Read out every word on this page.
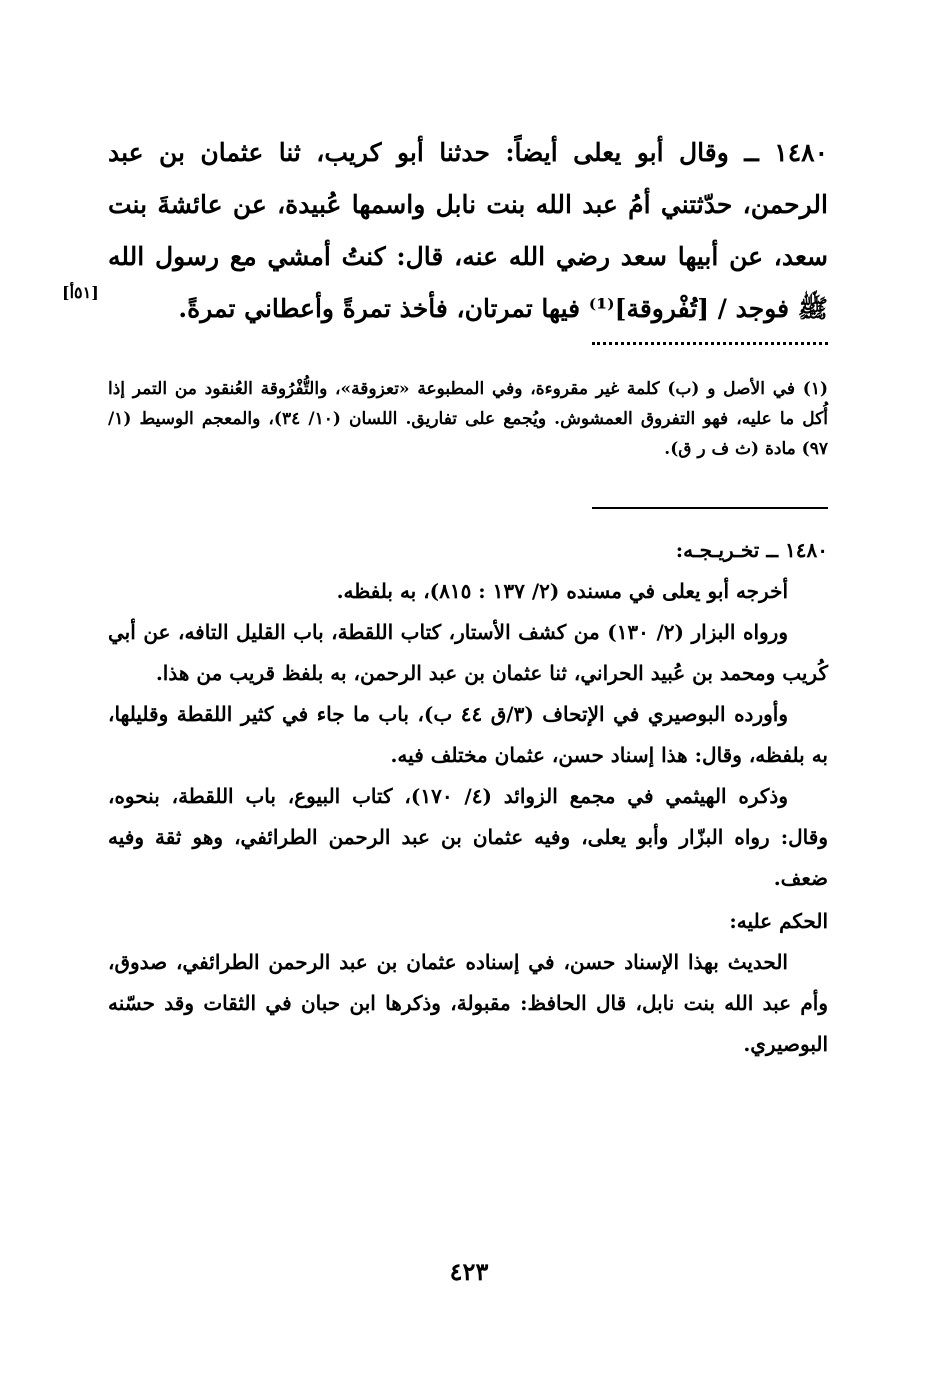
١٤٨٠ ــ وقال أبو يعلى أيضاً: حدثنا أبو كريب، ثنا عثمان بن عبد الرحمن، حدّثتني أمُ عبد الله بنت نابل واسمها عُبيدة، عن عائشةَ بنت سعد، عن أبيها سعد رضي الله عنه، قال: كنتُ أمشي مع رسول الله ﷺ فوجد / [تُفْروقة]⁽¹⁾ فيها تمرتان، فأخذ تمرةً وأعطاني تمرةً.

[٥١أ]

(١) في الأصل و (ب) كلمة غير مقروءة، وفي المطبوعة «تعزوقة»، والتُّفْرُوقة العُنقود من التمر إذا أُكل ما عليه، فهو التفروق العمشوش. ويُجمع على تفاريق. اللسان (١٠/ ٣٤)، والمعجم الوسيط (١/ ٩٧) مادة (ث ف ر ق).

١٤٨٠ ــ تخـريـجـه:

أخرجه أبو يعلى في مسنده (٢/ ١٣٧ : ٨١٥)، به بلفظه.

ورواه البزار (٢/ ١٣٠) من كشف الأستار، كتاب اللقطة، باب القليل التافه، عن أبي كُريب ومحمد بن عُبيد الحراني، ثنا عثمان بن عبد الرحمن، به بلفظ قريب من هذا.

وأورده البوصيري في الإتحاف (٣/ق ٤٤ ب)، باب ما جاء في كثير اللقطة وقليلها، به بلفظه، وقال: هذا إسناد حسن، عثمان مختلف فيه.

وذكره الهيثمي في مجمع الزوائد (٤/ ١٧٠)، كتاب البيوع، باب اللقطة، بنحوه، وقال: رواه البزّار وأبو يعلى، وفيه عثمان بن عبد الرحمن الطرائفي، وهو ثقة وفيه ضعف.

الحكم عليه:

الحديث بهذا الإسناد حسن، في إسناده عثمان بن عبد الرحمن الطرائفي، صدوق، وأم عبد الله بنت نابل، قال الحافظ: مقبولة، وذكرها ابن حبان في الثقات وقد حسّنه البوصيري.

٤٢٣
